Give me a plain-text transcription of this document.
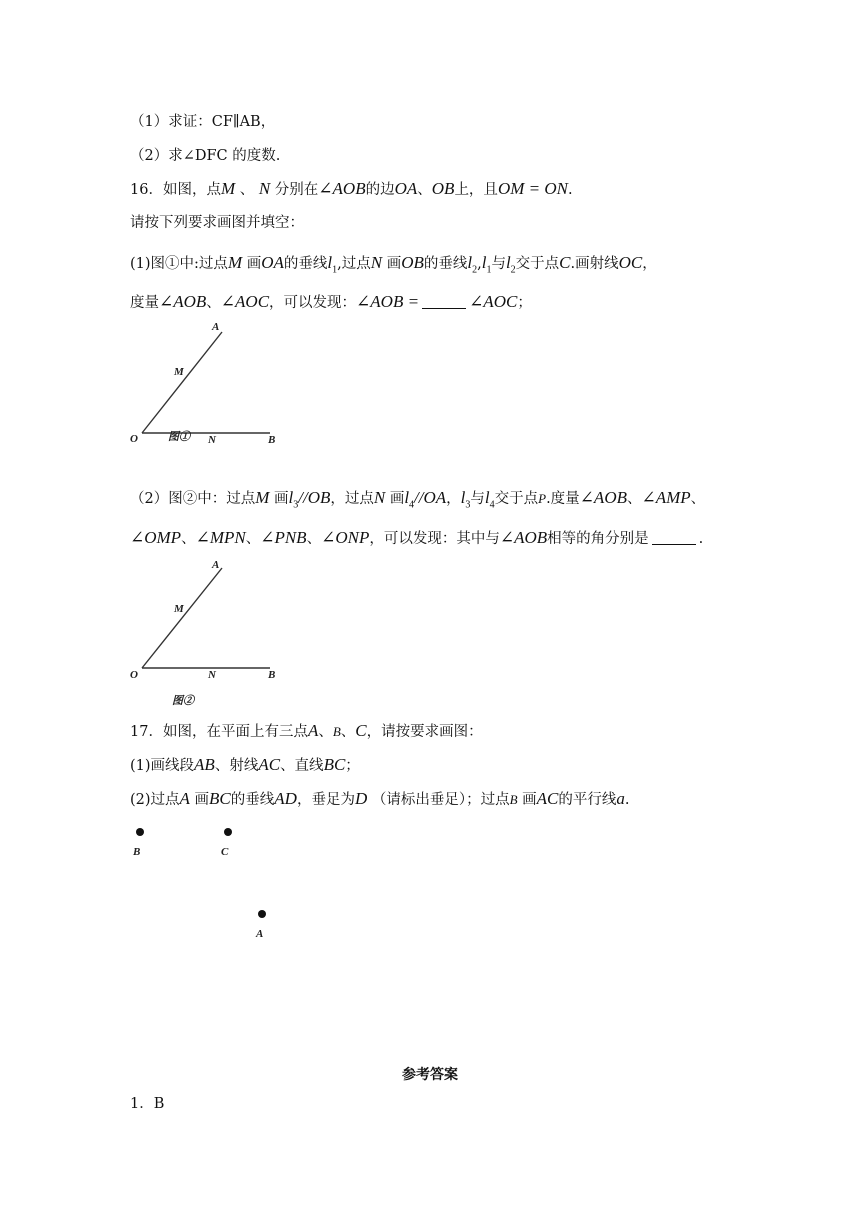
（1）求证：CF∥AB，
（2）求∠DFC 的度数.
16．如图，点M 、 N 分别在∠AOB的边OA、OB上，且OM = ON.
请按下列要求画图并填空：
(1)图①中:过点M 画OA的垂线$l_1$,过点N 画OB的垂线$l_2,l_1$与$l_2$交于点C.画射线OC，
度量∠AOB、∠AOC，可以发现：∠AOB =	∠AOC；
A
M
O	N	B
图①
（2）图②中：过点M 画$l_3//OB$，过点N 画$l_4//OA$，$l_3$与$l_4$交于点P.度量∠AOB、∠AMP、
∠OMP、∠MPN、∠PNB、∠ONP，可以发现：其中与∠AOB相等的角分别是	.
A
M
O	N	B
图②
17．如图，在平面上有三点A、B、C，请按要求画图：
(1)画线段AB、射线AC、直线BC；
(2)过点A 画BC的垂线AD，垂足为D （请标出垂足）；过点B 画AC的平行线a.
B	C
A
参考答案
1．B
